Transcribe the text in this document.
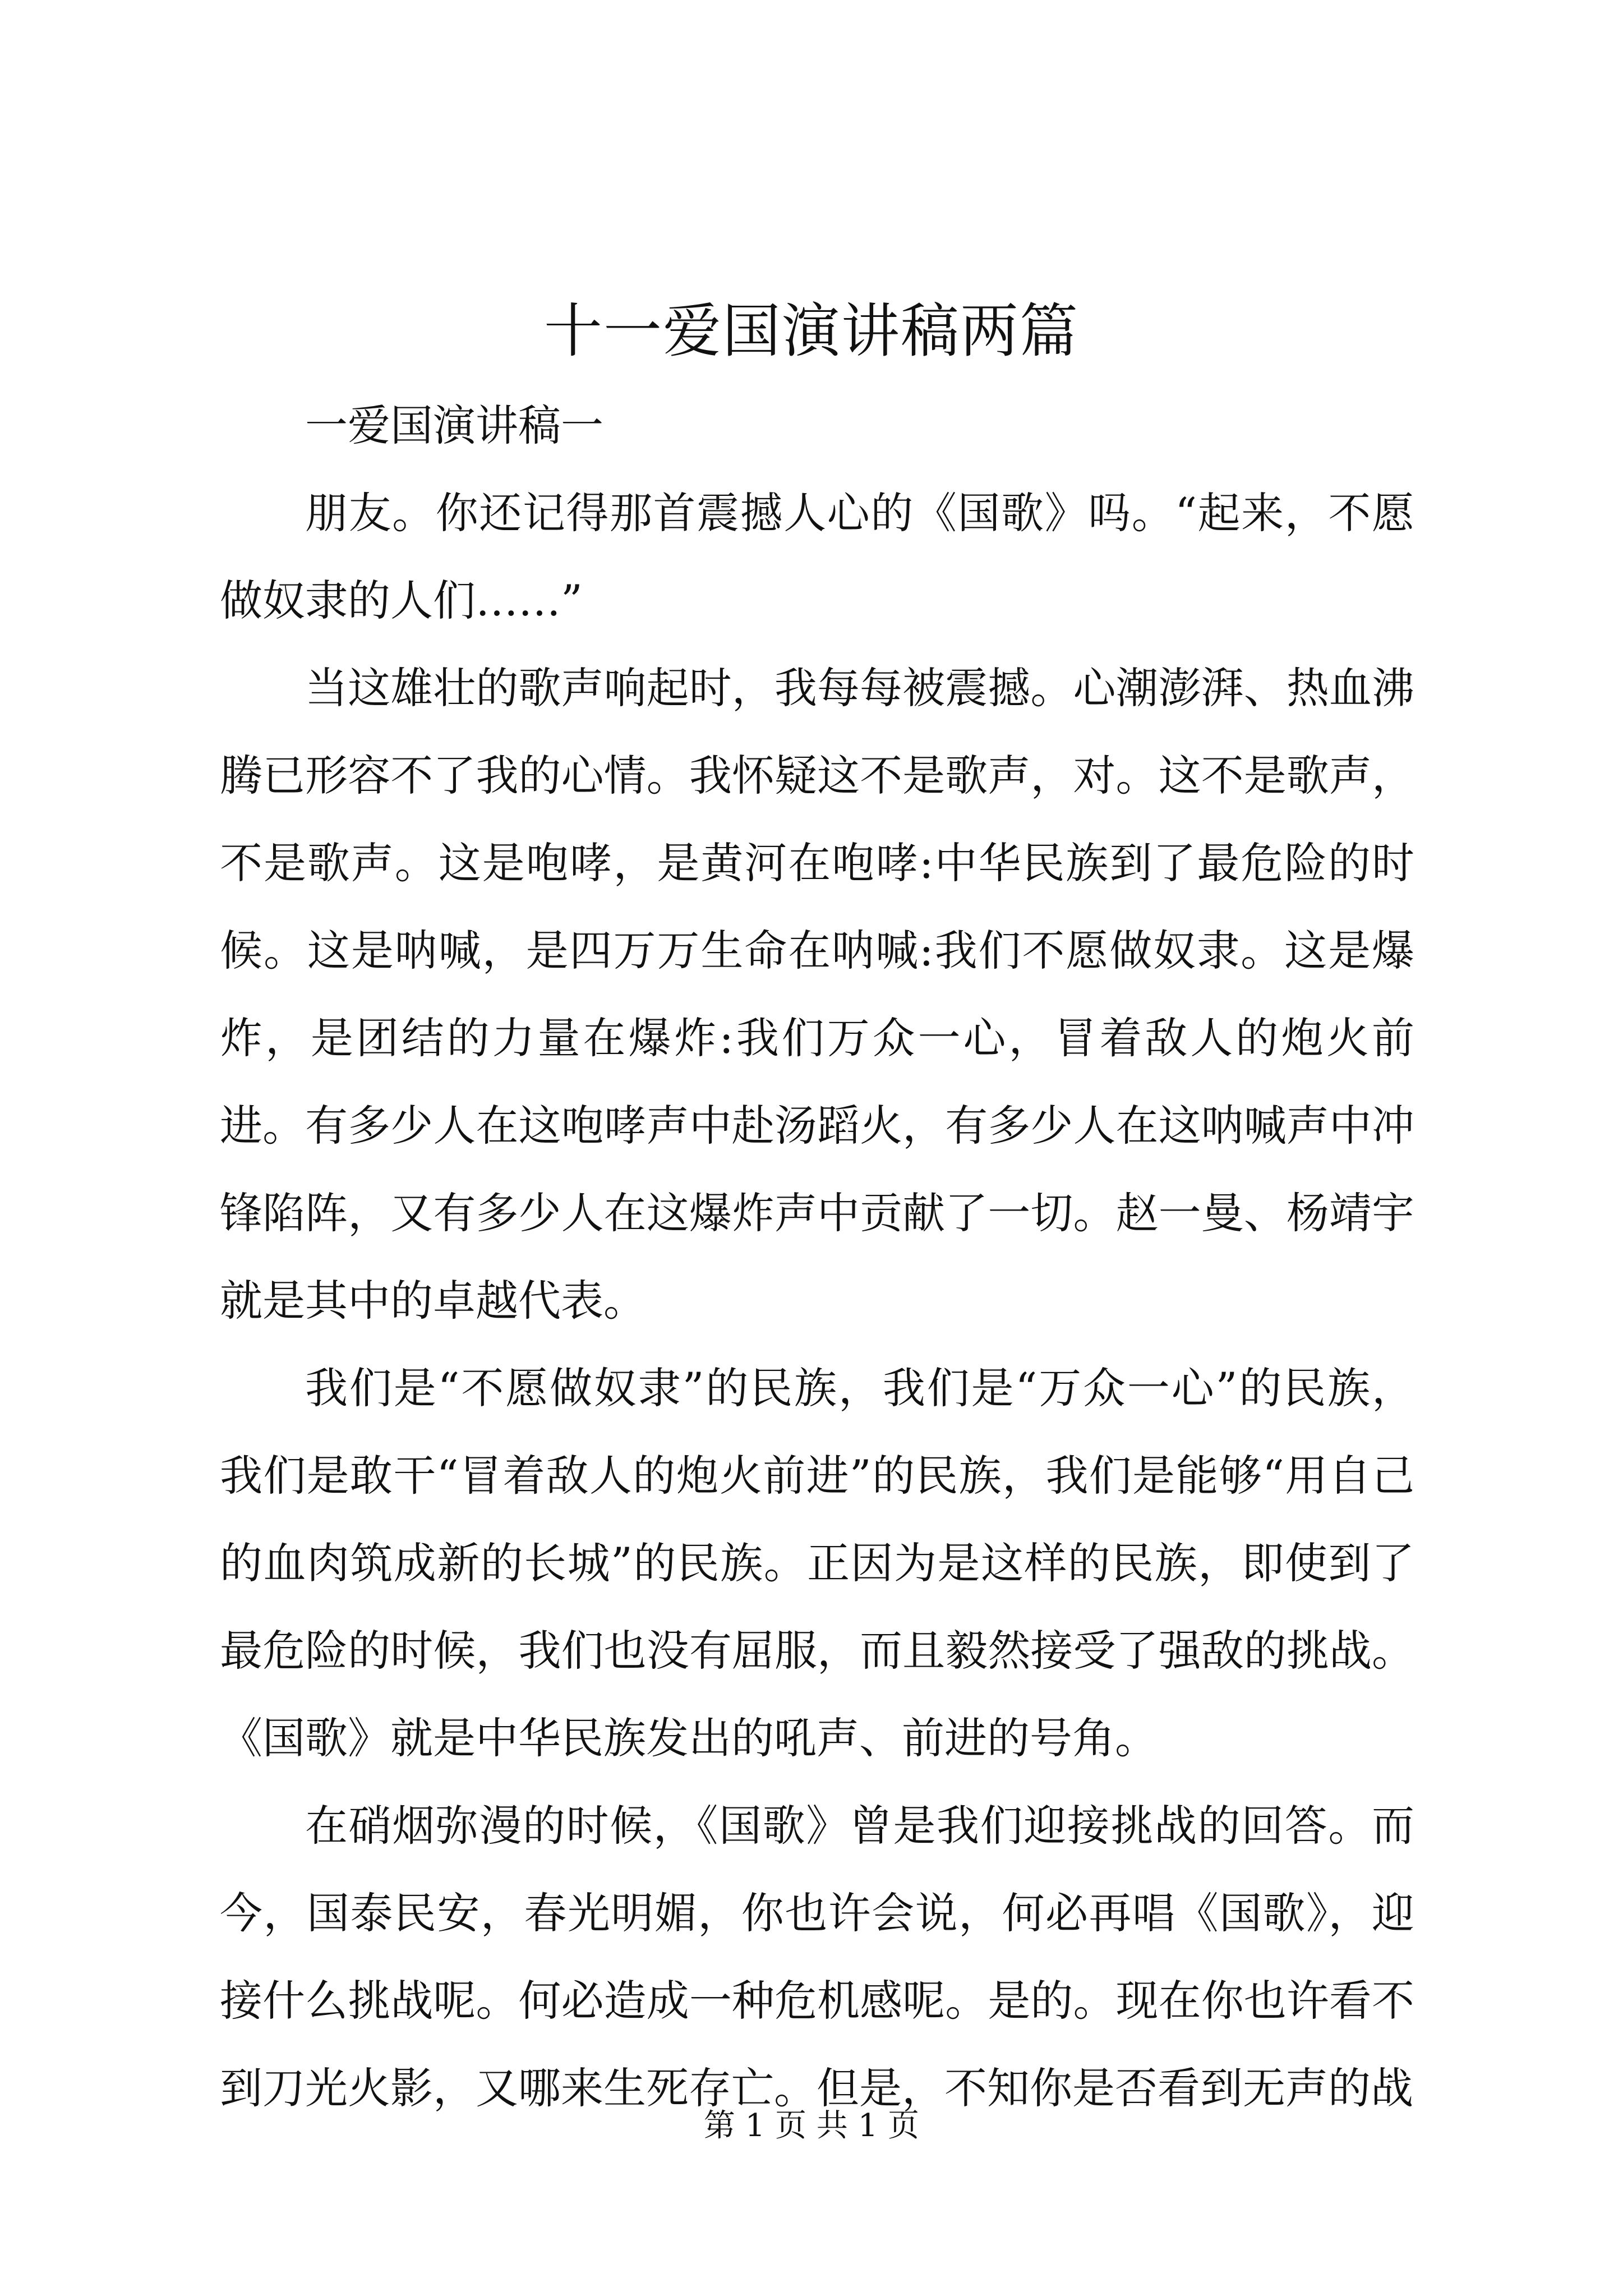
十一爱国演讲稿两篇

一爱国演讲稿一

朋友。你还记得那首震撼人心的《国歌》吗。“起来，不愿做奴隶的人们……”

当这雄壮的歌声响起时，我每每被震撼。心潮澎湃、热血沸腾已形容不了我的心情。我怀疑这不是歌声，对。这不是歌声，不是歌声。这是咆哮，是黄河在咆哮:中华民族到了最危险的时候。这是呐喊，是四万万生命在呐喊:我们不愿做奴隶。这是爆炸，是团结的力量在爆炸:我们万众一心，冒着敌人的炮火前进。有多少人在这咆哮声中赴汤蹈火，有多少人在这呐喊声中冲锋陷阵，又有多少人在这爆炸声中贡献了一切。赵一曼、杨靖宇就是其中的卓越代表。

我们是“不愿做奴隶”的民族，我们是“万众一心”的民族，我们是敢干“冒着敌人的炮火前进”的民族，我们是能够“用自己的血肉筑成新的长城”的民族。正因为是这样的民族，即使到了最危险的时候，我们也没有屈服，而且毅然接受了强敌的挑战。《国歌》就是中华民族发出的吼声、前进的号角。

在硝烟弥漫的时候，《国歌》曾是我们迎接挑战的回答。而今，国泰民安，春光明媚，你也许会说，何必再唱《国歌》，迎接什么挑战呢。何必造成一种危机感呢。是的。现在你也许看不到刀光火影，又哪来生死存亡。但是，不知你是否看到无声的战

第 1 页 共 1 页
